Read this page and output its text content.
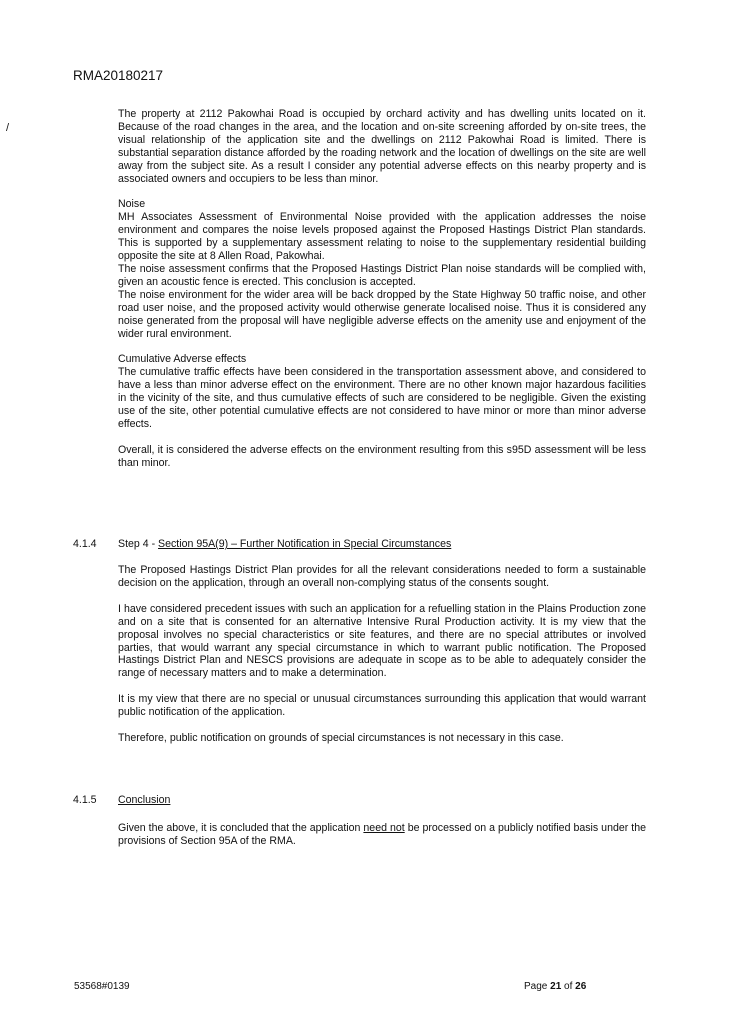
RMA20180217
/

The property at 2112 Pakowhai Road is occupied by orchard activity and has dwelling units located on it. Because of the road changes in the area, and the location and on-site screening afforded by on-site trees, the visual relationship of the application site and the dwellings on 2112 Pakowhai Road is limited. There is substantial separation distance afforded by the roading network and the location of dwellings on the site are well away from the subject site. As a result I consider any potential adverse effects on this nearby property and is associated owners and occupiers to be less than minor.

Noise

MH Associates Assessment of Environmental Noise provided with the application addresses the noise environment and compares the noise levels proposed against the Proposed Hastings District Plan standards. This is supported by a supplementary assessment relating to noise to the supplementary residential building opposite the site at 8 Allen Road, Pakowhai.

The noise assessment confirms that the Proposed Hastings District Plan noise standards will be complied with, given an acoustic fence is erected. This conclusion is accepted.

The noise environment for the wider area will be back dropped by the State Highway 50 traffic noise, and other road user noise, and the proposed activity would otherwise generate localised noise. Thus it is considered any noise generated from the proposal will have negligible adverse effects on the amenity use and enjoyment of the wider rural environment.

Cumulative Adverse effects

The cumulative traffic effects have been considered in the transportation assessment above, and considered to have a less than minor adverse effect on the environment. There are no other known major hazardous facilities in the vicinity of the site, and thus cumulative effects of such are considered to be negligible. Given the existing use of the site, other potential cumulative effects are not considered to have minor or more than minor adverse effects.

Overall, it is considered the adverse effects on the environment resulting from this s95D assessment will be less than minor.

4.1.4 Step 4 - Section 95A(9) – Further Notification in Special Circumstances

The Proposed Hastings District Plan provides for all the relevant considerations needed to form a sustainable decision on the application, through an overall non-complying status of the consents sought.

I have considered precedent issues with such an application for a refuelling station in the Plains Production zone and on a site that is consented for an alternative Intensive Rural Production activity. It is my view that the proposal involves no special characteristics or site features, and there are no special attributes or involved parties, that would warrant any special circumstance in which to warrant public notification. The Proposed Hastings District Plan and NESCS provisions are adequate in scope as to be able to adequately consider the range of necessary matters and to make a determination.

It is my view that there are no special or unusual circumstances surrounding this application that would warrant public notification of the application.

Therefore, public notification on grounds of special circumstances is not necessary in this case.

4.1.5 Conclusion

Given the above, it is concluded that the application need not be processed on a publicly notified basis under the provisions of Section 95A of the RMA.

53568#0139	Page 21 of 26
